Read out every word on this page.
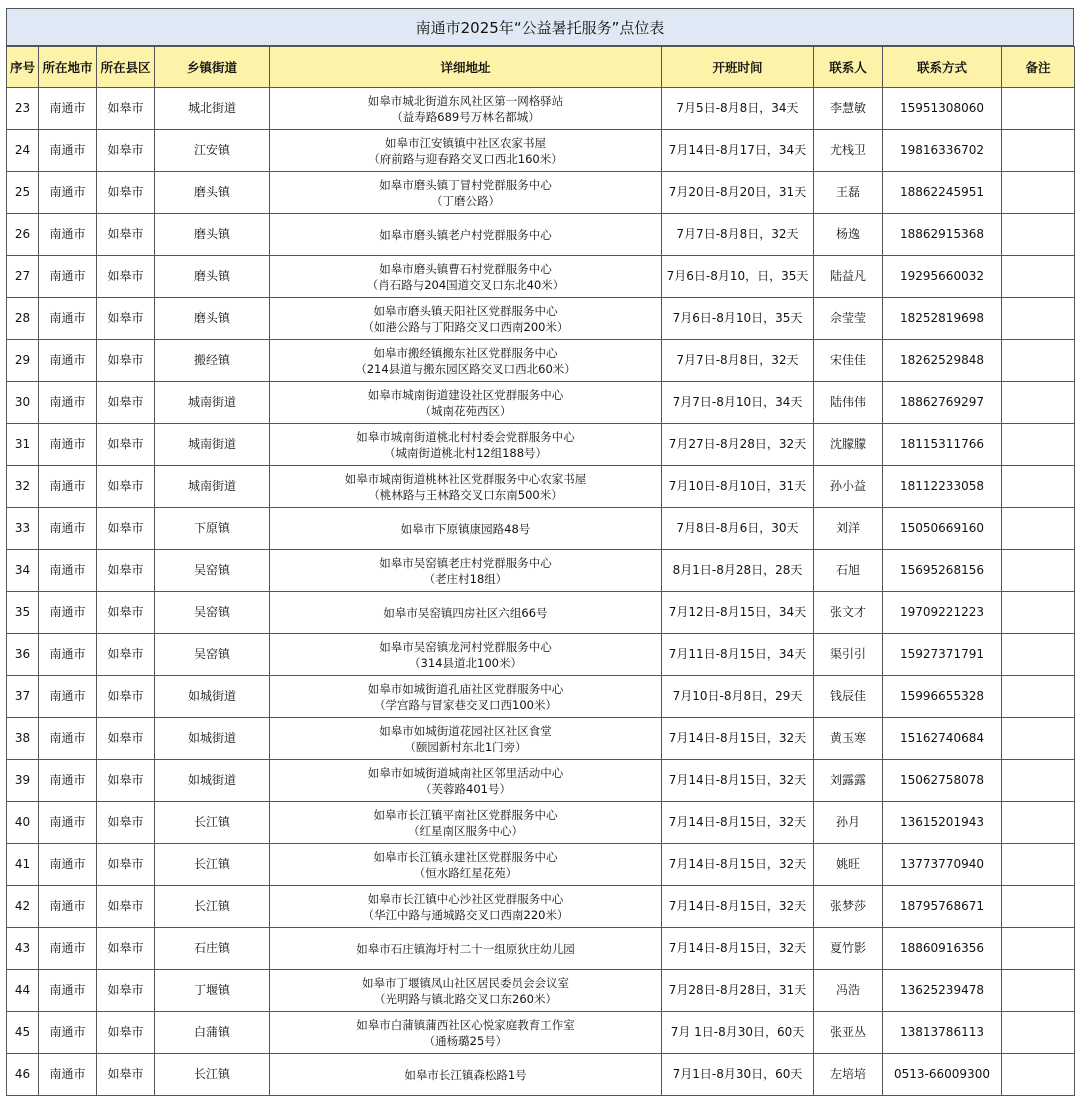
南通市2025年“公益暑托服务”点位表
序号	所在地市	所在县区	乡镇街道	详细地址	开班时间	联系人	联系方式	备注
23	南通市	如皋市	城北街道	如皋市城北街道东风社区第一网格驿站
（益寿路689号万林名都城）	7月5日-8月8日，34天	李慧敏	15951308060	
24	南通市	如皋市	江安镇	如皋市江安镇镇中社区农家书屋
（府前路与迎春路交叉口西北160米）	7月14日-8月17日，34天	尤栈卫	19816336702	
25	南通市	如皋市	磨头镇	如皋市磨头镇丁冒村党群服务中心
（丁磨公路）	7月20日-8月20日，31天	王磊	18862245951	
26	南通市	如皋市	磨头镇	如皋市磨头镇老户村党群服务中心	7月7日-8月8日，32天	杨逸	18862915368	
27	南通市	如皋市	磨头镇	如皋市磨头镇曹石村党群服务中心
（肖石路与204国道交叉口东北40米）	7月6日-8月10，日，35天	陆益凡	19295660032	
28	南通市	如皋市	磨头镇	如皋市磨头镇天阳社区党群服务中心
（如港公路与丁阳路交叉口西南200米）	7月6日-8月10日，35天	佘莹莹	18252819698	
29	南通市	如皋市	搬经镇	如皋市搬经镇搬东社区党群服务中心
（214县道与搬东园区路交叉口西北60米）	7月7日-8月8日，32天	宋佳佳	18262529848	
30	南通市	如皋市	城南街道	如皋市城南街道建设社区党群服务中心
（城南花苑西区）	7月7日-8月10日，34天	陆伟伟	18862769297	
31	南通市	如皋市	城南街道	如皋市城南街道桃北村村委会党群服务中心
（城南街道桃北村12组188号）	7月27日-8月28日，32天	沈朦朦	18115311766	
32	南通市	如皋市	城南街道	如皋市城南街道桃林社区党群服务中心农家书屋
（桃林路与王林路交叉口东南500米）	7月10日-8月10日，31天	孙小益	18112233058	
33	南通市	如皋市	下原镇	如皋市下原镇康园路48号	7月8日-8月6日，30天	刘洋	15050669160	
34	南通市	如皋市	吴窑镇	如皋市吴窑镇老庄村党群服务中心
（老庄村18组）	8月1日-8月28日，28天	石旭	15695268156	
35	南通市	如皋市	吴窑镇	如皋市吴窑镇四房社区六组66号	7月12日-8月15日，34天	张文才	19709221223	
36	南通市	如皋市	吴窑镇	如皋市吴窑镇龙河村党群服务中心
（314县道北100米）	7月11日-8月15日，34天	渠引引	15927371791	
37	南通市	如皋市	如城街道	如皋市如城街道孔庙社区党群服务中心
（学宫路与冒家巷交叉口西100米）	7月10日-8月8日，29天	钱辰佳	15996655328	
38	南通市	如皋市	如城街道	如皋市如城街道花园社区社区食堂
（颐园新村东北1门旁）	7月14日-8月15日，32天	黄玉寒	15162740684	
39	南通市	如皋市	如城街道	如皋市如城街道城南社区邻里活动中心
（芙蓉路401号）	7月14日-8月15日，32天	刘露露	15062758078	
40	南通市	如皋市	长江镇	如皋市长江镇平南社区党群服务中心
（红星南区服务中心）	7月14日-8月15日，32天	孙月	13615201943	
41	南通市	如皋市	长江镇	如皋市长江镇永建社区党群服务中心
（恒水路红星花苑）	7月14日-8月15日，32天	姚旺	13773770940	
42	南通市	如皋市	长江镇	如皋市长江镇中心沙社区党群服务中心
（华江中路与通城路交叉口西南220米）	7月14日-8月15日，32天	张梦莎	18795768671	
43	南通市	如皋市	石庄镇	如皋市石庄镇海圩村二十一组原狄庄幼儿园	7月14日-8月15日，32天	夏竹影	18860916356	
44	南通市	如皋市	丁堰镇	如皋市丁堰镇凤山社区居民委员会会议室
（光明路与镇北路交叉口东260米）	7月28日-8月28日，31天	冯浩	13625239478	
45	南通市	如皋市	白蒲镇	如皋市白蒲镇蒲西社区心悦家庭教育工作室
（通杨璐25号）	7月 1日-8月30日，60天	张亚丛	13813786113	
46	南通市	如皋市	长江镇	如皋市长江镇森松路1号	7月1日-8月30日，60天	左培培	0513-66009300	
